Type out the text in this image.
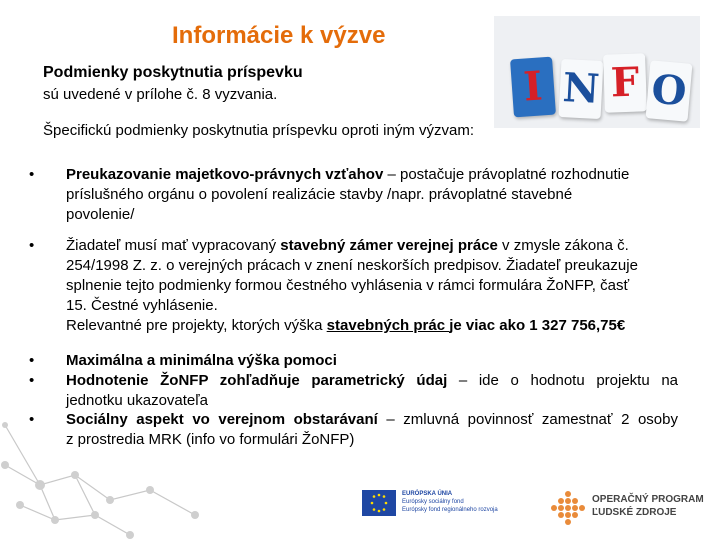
Informácie k výzve
I N F O
Podmienky poskytnutia príspevku
sú uvedené v prílohe č. 8 vyzvania.
Špecifickú podmienky poskytnutia príspevku oproti iným výzvam:
• Preukazovanie majetkovo-právnych vzťahov – postačuje právoplatné rozhodnutie
príslušného orgánu o povolení realizácie stavby /napr. právoplatné stavebné
povolenie/
• Žiadateľ musí mať vypracovaný stavebný zámer verejnej práce v zmysle zákona č.
254/1998 Z. z. o verejných prácach v znení neskorších predpisov. Žiadateľ preukazuje
splnenie tejto podmienky formou čestného vyhlásenia v rámci formulára ŽoNFP, časť
15. Čestné vyhlásenie.
Relevantné pre projekty, ktorých výška stavebných prác je viac ako 1 327 756,75€
• Maximálna a minimálna výška pomoci
• Hodnotenie ŽoNFP zohľadňuje parametrický údaj – ide o hodnotu projektu na
jednotku ukazovateľa
• Sociálny aspekt vo verejnom obstarávaní – zmluvná povinnosť zamestnať 2 osoby
z prostredia MRK (info vo formulári ŽoNFP)
EURÓPSKA ÚNIA
Európsky sociálny fond
Európsky fond regionálneho rozvoja
OPERAČNÝ PROGRAM
ĽUDSKÉ ZDROJE
